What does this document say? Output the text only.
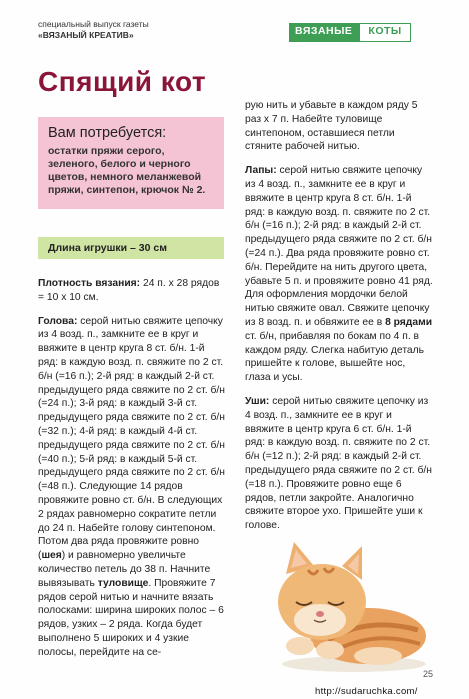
специальный выпуск газеты
«ВЯЗАНЫЙ КРЕАТИВ»	ВЯЗАНЫЕ	КОТЫ
Спящий кот
Вам потребуется:
остатки пряжи серого, зеленого, белого и черного цветов, немного меланжевой пряжи, синтепон, крючок № 2.
Длина игрушки – 30 см

Плотность вязания: 24 п. х 28 рядов = 10 х 10 см.

Голова: серой нитью свяжите цепочку из 4 возд. п., замкните ее в круг и ввяжите в центр круга 8 ст. б/н. 1-й ряд: в каждую возд. п. свяжите по 2 ст. б/н (=16 п.); 2-й ряд: в каждый 2-й ст. предыдущего ряда свяжите по 2 ст. б/н (=24 п.); 3-й ряд: в каждый 3-й ст. предыдущего ряда свяжите по 2 ст. б/н (=32 п.); 4-й ряд: в каждый 4-й ст. предыдущего ряда свяжите по 2 ст. б/н (=40 п.); 5-й ряд: в каждый 5-й ст. предыдущего ряда свяжите по 2 ст. б/н (=48 п.). Следующие 14 рядов провяжите ровно ст. б/н. В следующих 2 рядах равномерно сократите петли до 24 п. Набейте голову синтепоном. Потом два ряда провяжите ровно (шея) и равномерно увеличьте количество петель до 38 п. Начните вывязывать туловище. Провяжите 7 рядов серой нитью и начните вязать полосками: ширина широких полос – 6 рядов, узких – 2 ряда. Когда будет выполнено 5 широких и 4 узкие полосы, перейдите на се-

рую нить и убавьте в каждом ряду 5 раз х 7 п. Набейте туловище синтепоном, оставшиеся петли стяните рабочей нитью.

Лапы: серой нитью свяжите цепочку из 4 возд. п., замкните ее в круг и ввяжите в центр круга 8 ст. б/н. 1-й ряд: в каждую возд. п. свяжите по 2 ст. б/н (=16 п.); 2-й ряд: в каждый 2-й ст. предыдущего ряда свяжите по 2 ст. б/н (=24 п.). Два ряда провяжите ровно ст. б/н. Перейдите на нить другого цвета, убавьте 5 п. и провяжите ровно 41 ряд. Для оформления мордочки белой нитью свяжите овал. Свяжите цепочку из 8 возд. п. и обвяжите ее в 8 рядами ст. б/н, прибавляя по бокам по 4 п. в каждом ряду. Слегка набитую деталь пришейте к голове, вышейте нос, глаза и усы.

Уши: серой нитью свяжите цепочку из 4 возд. п., замкните ее в круг и ввяжите в центр круга 6 ст. б/н. 1-й ряд: в каждую возд. п. свяжите по 2 ст. б/н (=12 п.); 2-й ряд: в каждый 2-й ст. предыдущего ряда свяжите по 2 ст. б/н (=18 п.). Провяжите ровно еще 6 рядов, петли закройте. Аналогично свяжите второе ухо. Пришейте уши к голове.

25
http://sudaruchka.com/
